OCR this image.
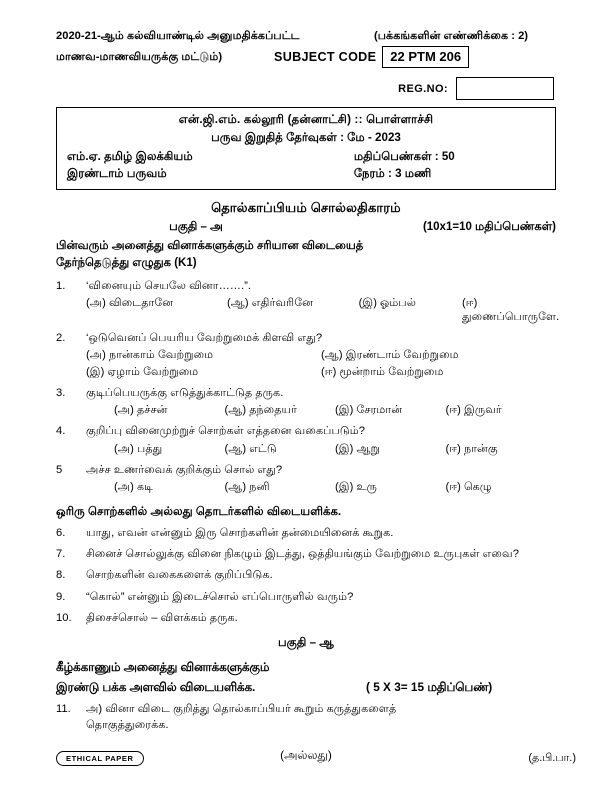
2020-21-ஆம் கல்வியாண்டில் அனுமதிக்கப்பட்ட	(பக்கங்களின் எண்ணிக்கை : 2)
மாணவ-மாணவியருக்கு மட்டும்)	SUBJECT CODE	22 PTM 206
REG.NO:
என்.ஜி.எம். கல்லூரி (தன்னாட்சி) :: பொள்ளாச்சி
பருவ இறுதித் தேர்வுகள் : மே - 2023
எம்.ஏ. தமிழ் இலக்கியம்	மதிப்பெண்கள் : 50
இரண்டாம் பருவம்	நேரம் : 3 மணி
தொல்காப்பியம் சொல்லதிகாரம்
பகுதி – அ	(10x1=10 மதிப்பெண்கள்)
பின்வரும் அனைத்து வினாக்களுக்கும் சரியான விடையைத்
தேர்ந்தெடுத்து எழுதுக (K1)
1.	‘வினையும் செயலே வினா…….”.
(அ) விடைதானே	(ஆ) எதிர்வரினே	(இ) ஓம்பல்	(ஈ) துணைப்பொருளே.
2.	‘ஒடுவெனப் பெயரிய வேற்றுமைக் கிளவி எது?
(அ) நான்காம் வேற்றுமை	(ஆ) இரண்டாம் வேற்றுமை
(இ) ஏழாம் வேற்றுமை	(ஈ) மூன்றாம் வேற்றுமை
3.	குடிப்பெயருக்கு எடுத்துக்காட்டுத தருக.
(அ) தச்சன்	(ஆ) தந்தையர்	(இ) சேரமான்	(ஈ) இருவர்
4.	குறிப்பு வினைமுற்றுச் சொற்கள் எத்தனை வகைப்படும்?
(அ) பத்து	(ஆ) எட்டு	(இ) ஆறு	(ஈ) நான்கு
5	அச்ச உணர்வைக் குறிக்கும் சொல் எது?
(அ) கடி	(ஆ) நனி	(இ) உரு	(ஈ) கெழு
ஒரிரு சொற்களில் அல்லது தொடர்களில் விடையளிக்க.
6.	யாது, எவன் என்னும் இரு சொற்களின் தன்மையினைக் கூறுக.
7.	சினைச் சொல்லுக்கு வினை நிகழும் இடத்து, ஒத்தியங்கும் வேற்றுமை உருபுகள் எவை?
8.	சொற்களின் வகைகளைக் குறிப்பிடுக.
9.	“கொல்” என்னும் இடைச்சொல் எப்பொருளில் வரும்?
10.	திசைச்சொல் – விளக்கம் தருக.
பகுதி – ஆ
கீழ்க்காணும் அனைத்து வினாக்களுக்கும்
இரண்டு பக்க அளவில் விடையளிக்க.	( 5 X 3= 15 மதிப்பெண்)
11.	அ) வினா விடை குறித்து தொல்காப்பியர் கூறும் கருத்துகளைத்
தொகுத்துரைக்க.
(அல்லது)
ETHICAL PAPER	(த.பி.பா.)
